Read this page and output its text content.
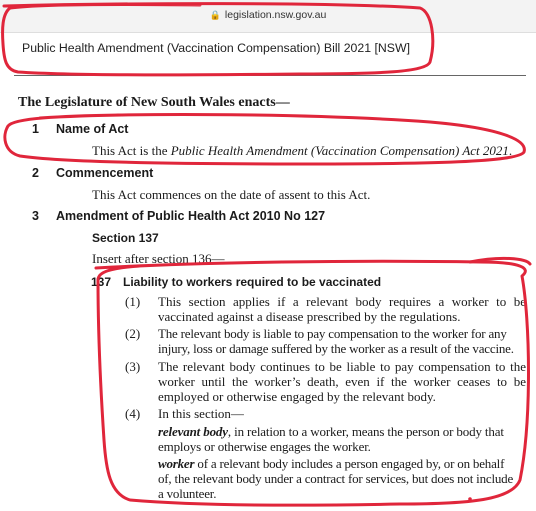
🔒 legislation.nsw.gov.au
Public Health Amendment (Vaccination Compensation) Bill 2021 [NSW]
The Legislature of New South Wales enacts—
1 Name of Act
This Act is the Public Health Amendment (Vaccination Compensation) Act 2021.
2 Commencement
This Act commences on the date of assent to this Act.
3 Amendment of Public Health Act 2010 No 127
Section 137
Insert after section 136—
137 Liability to workers required to be vaccinated
(1) This section applies if a relevant body requires a worker to be
vaccinated against a disease prescribed by the regulations.
(2) The relevant body is liable to pay compensation to the worker for any
injury, loss or damage suffered by the worker as a result of the vaccine.
(3) The relevant body continues to be liable to pay compensation to the
worker until the worker’s death, even if the worker ceases to be
employed or otherwise engaged by the relevant body.
(4) In this section—
relevant body, in relation to a worker, means the person or body that
employs or otherwise engages the worker.
worker of a relevant body includes a person engaged by, or on behalf
of, the relevant body under a contract for services, but does not include
a volunteer.
